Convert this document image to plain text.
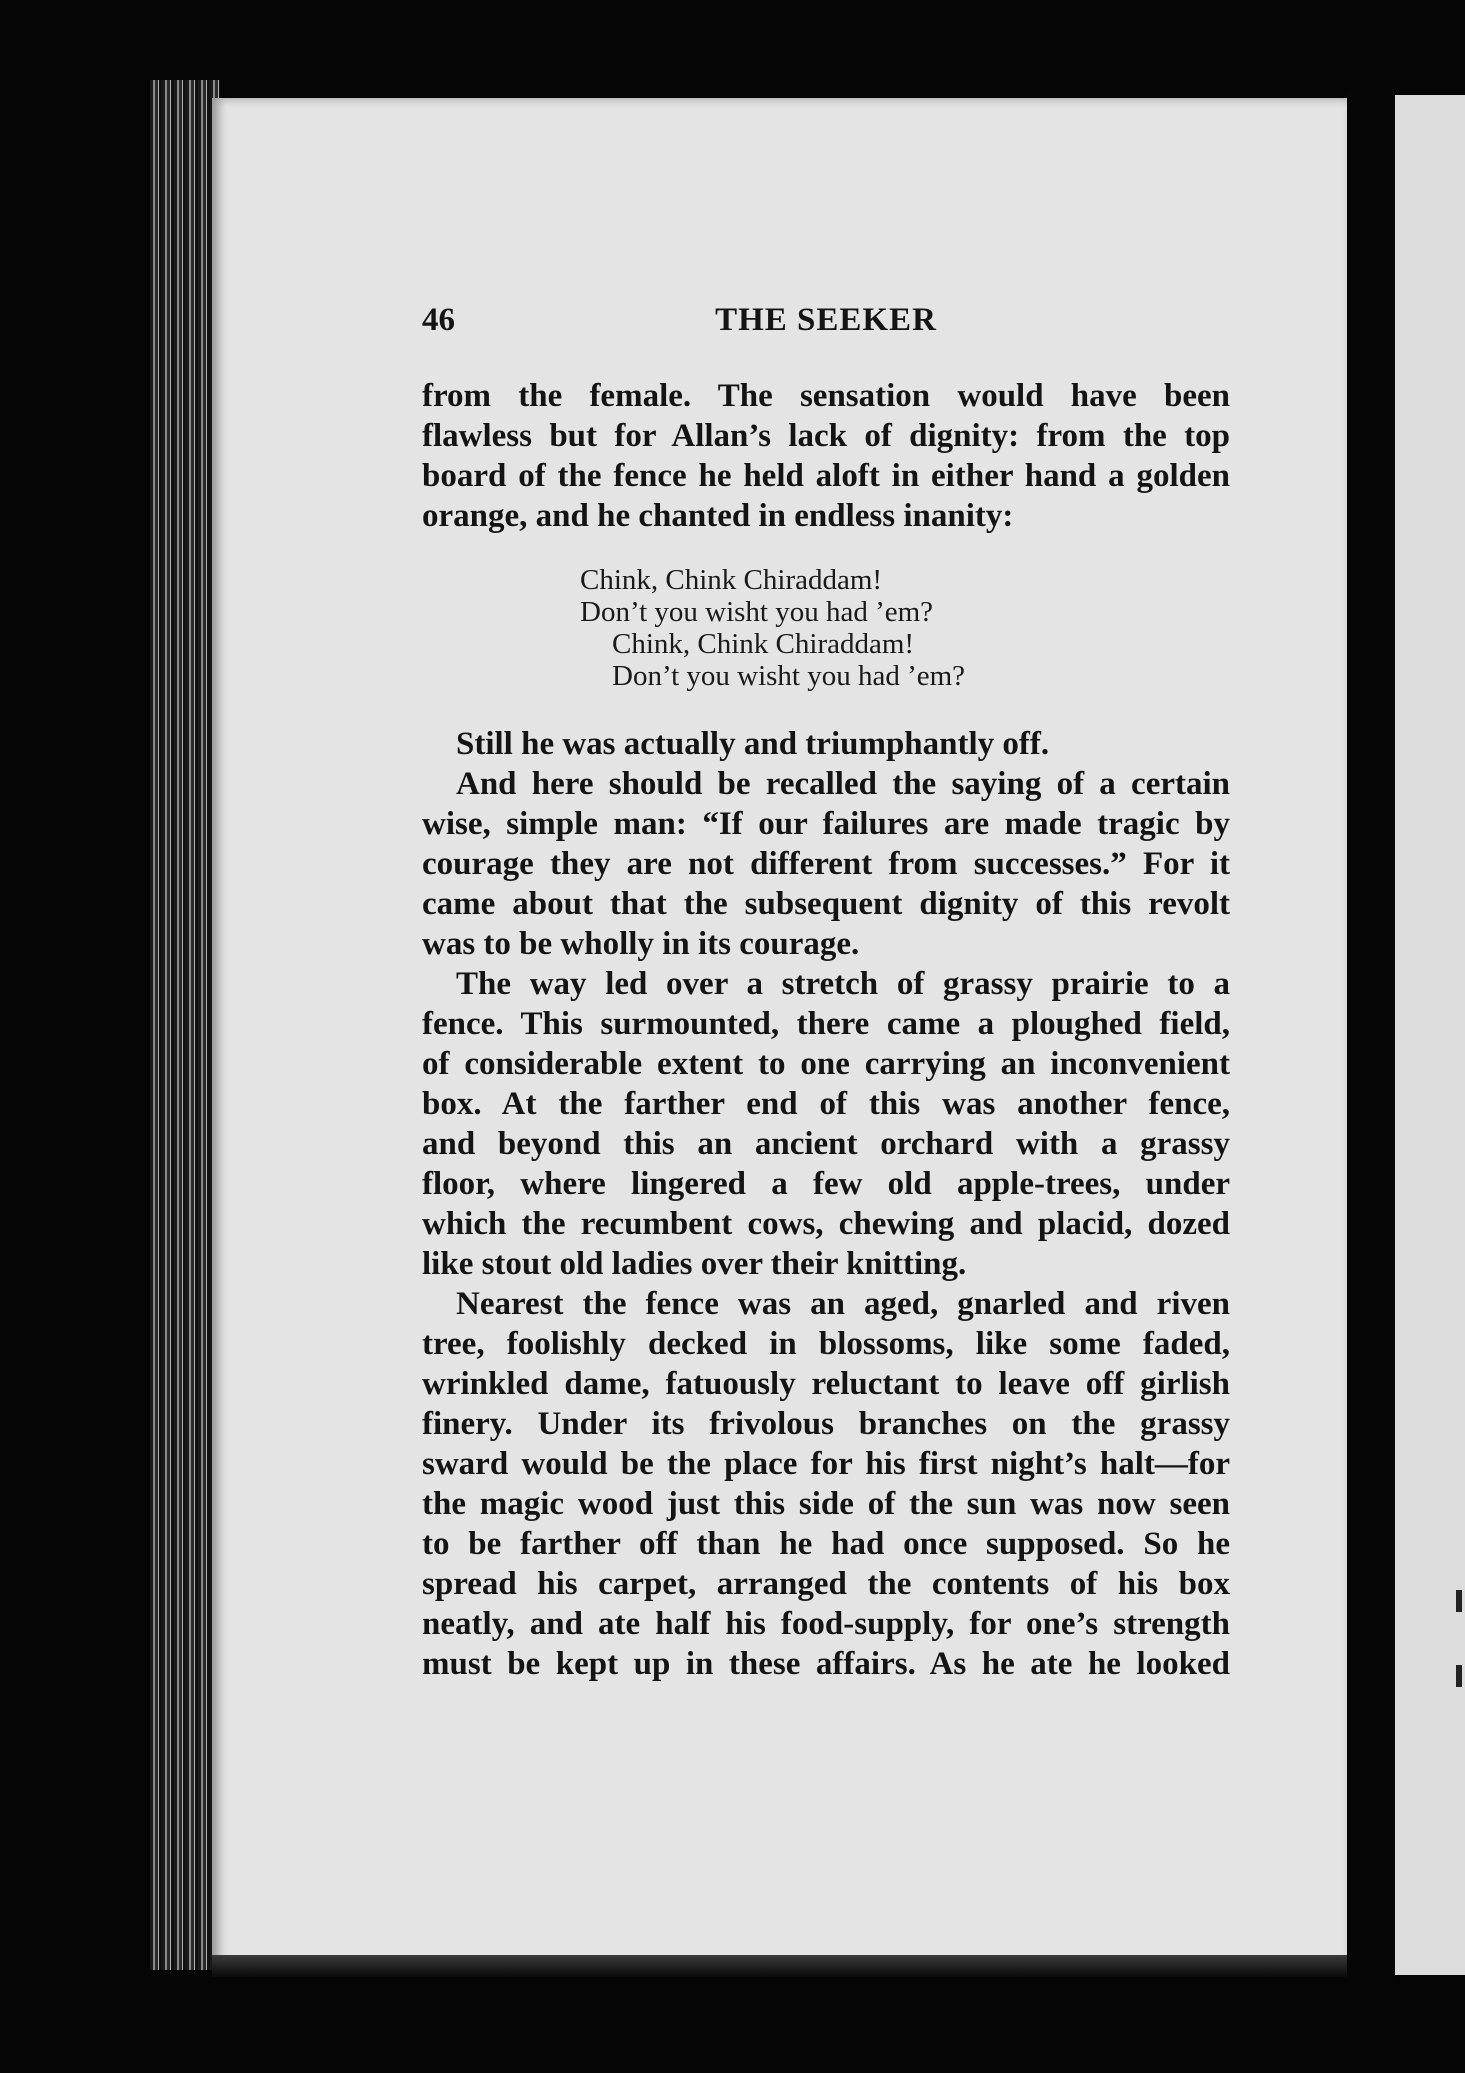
46	THE SEEKER
from the female. The sensation would have been
flawless but for Allan’s lack of dignity: from the top
board of the fence he held aloft in either hand a golden
orange, and he chanted in endless inanity:
Chink, Chink Chiraddam!
Don’t you wisht you had ’em?
Chink, Chink Chiraddam!
Don’t you wisht you had ’em?
Still he was actually and triumphantly off.
And here should be recalled the saying of a certain
wise, simple man: “If our failures are made tragic by
courage they are not different from successes.” For it
came about that the subsequent dignity of this revolt
was to be wholly in its courage.
The way led over a stretch of grassy prairie to a
fence. This surmounted, there came a ploughed field,
of considerable extent to one carrying an inconvenient
box. At the farther end of this was another fence,
and beyond this an ancient orchard with a grassy
floor, where lingered a few old apple-trees, under
which the recumbent cows, chewing and placid, dozed
like stout old ladies over their knitting.
Nearest the fence was an aged, gnarled and riven
tree, foolishly decked in blossoms, like some faded,
wrinkled dame, fatuously reluctant to leave off girlish
finery. Under its frivolous branches on the grassy
sward would be the place for his first night’s halt—for
the magic wood just this side of the sun was now seen
to be farther off than he had once supposed. So he
spread his carpet, arranged the contents of his box
neatly, and ate half his food-supply, for one’s strength
must be kept up in these affairs. As he ate he looked
